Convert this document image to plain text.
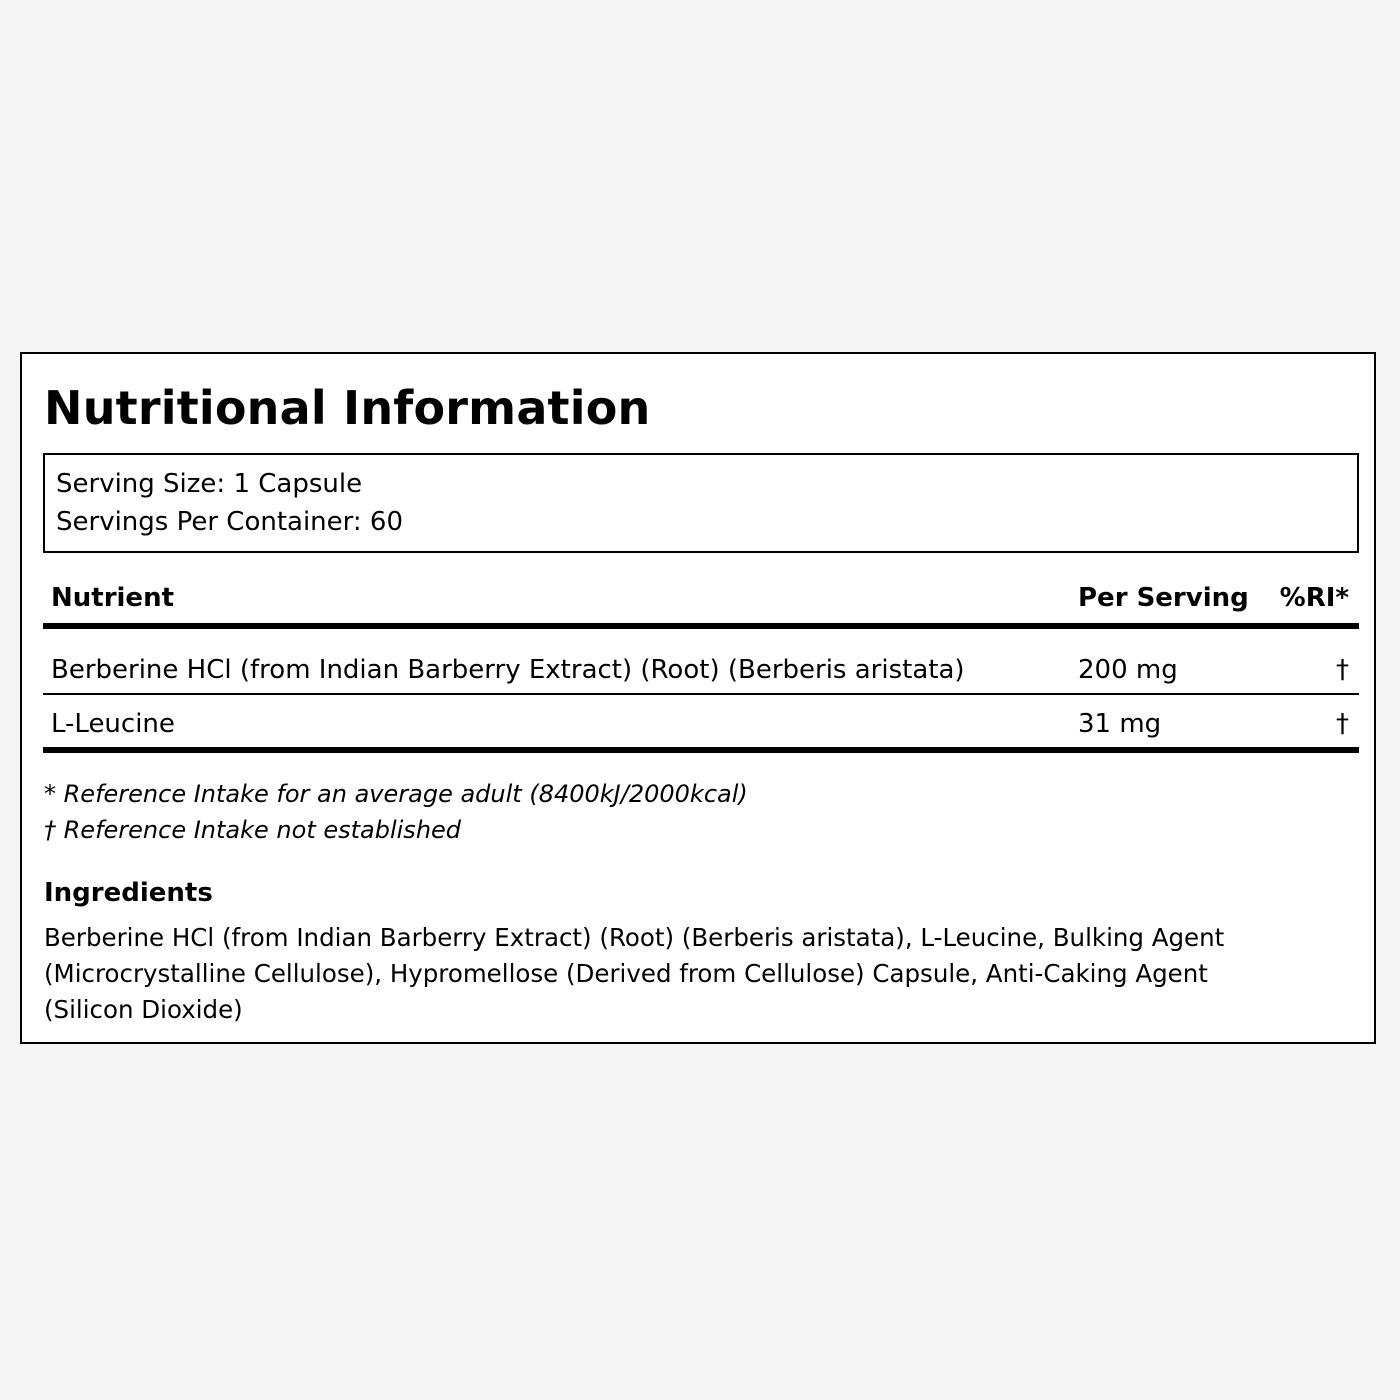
Nutritional Information
Serving Size: 1 Capsule
Servings Per Container: 60
Nutrient	Per Serving %RI*
Berberine HCl (from Indian Barberry Extract) (Root) (Berberis aristata)	200 mg	†
L-Leucine	31 mg	†
* Reference Intake for an average adult (8400kJ/2000kcal)
† Reference Intake not established
Ingredients
Berberine HCl (from Indian Barberry Extract) (Root) (Berberis aristata), L-Leucine, Bulking Agent (Microcrystalline Cellulose), Hypromellose (Derived from Cellulose) Capsule, Anti-Caking Agent (Silicon Dioxide)
